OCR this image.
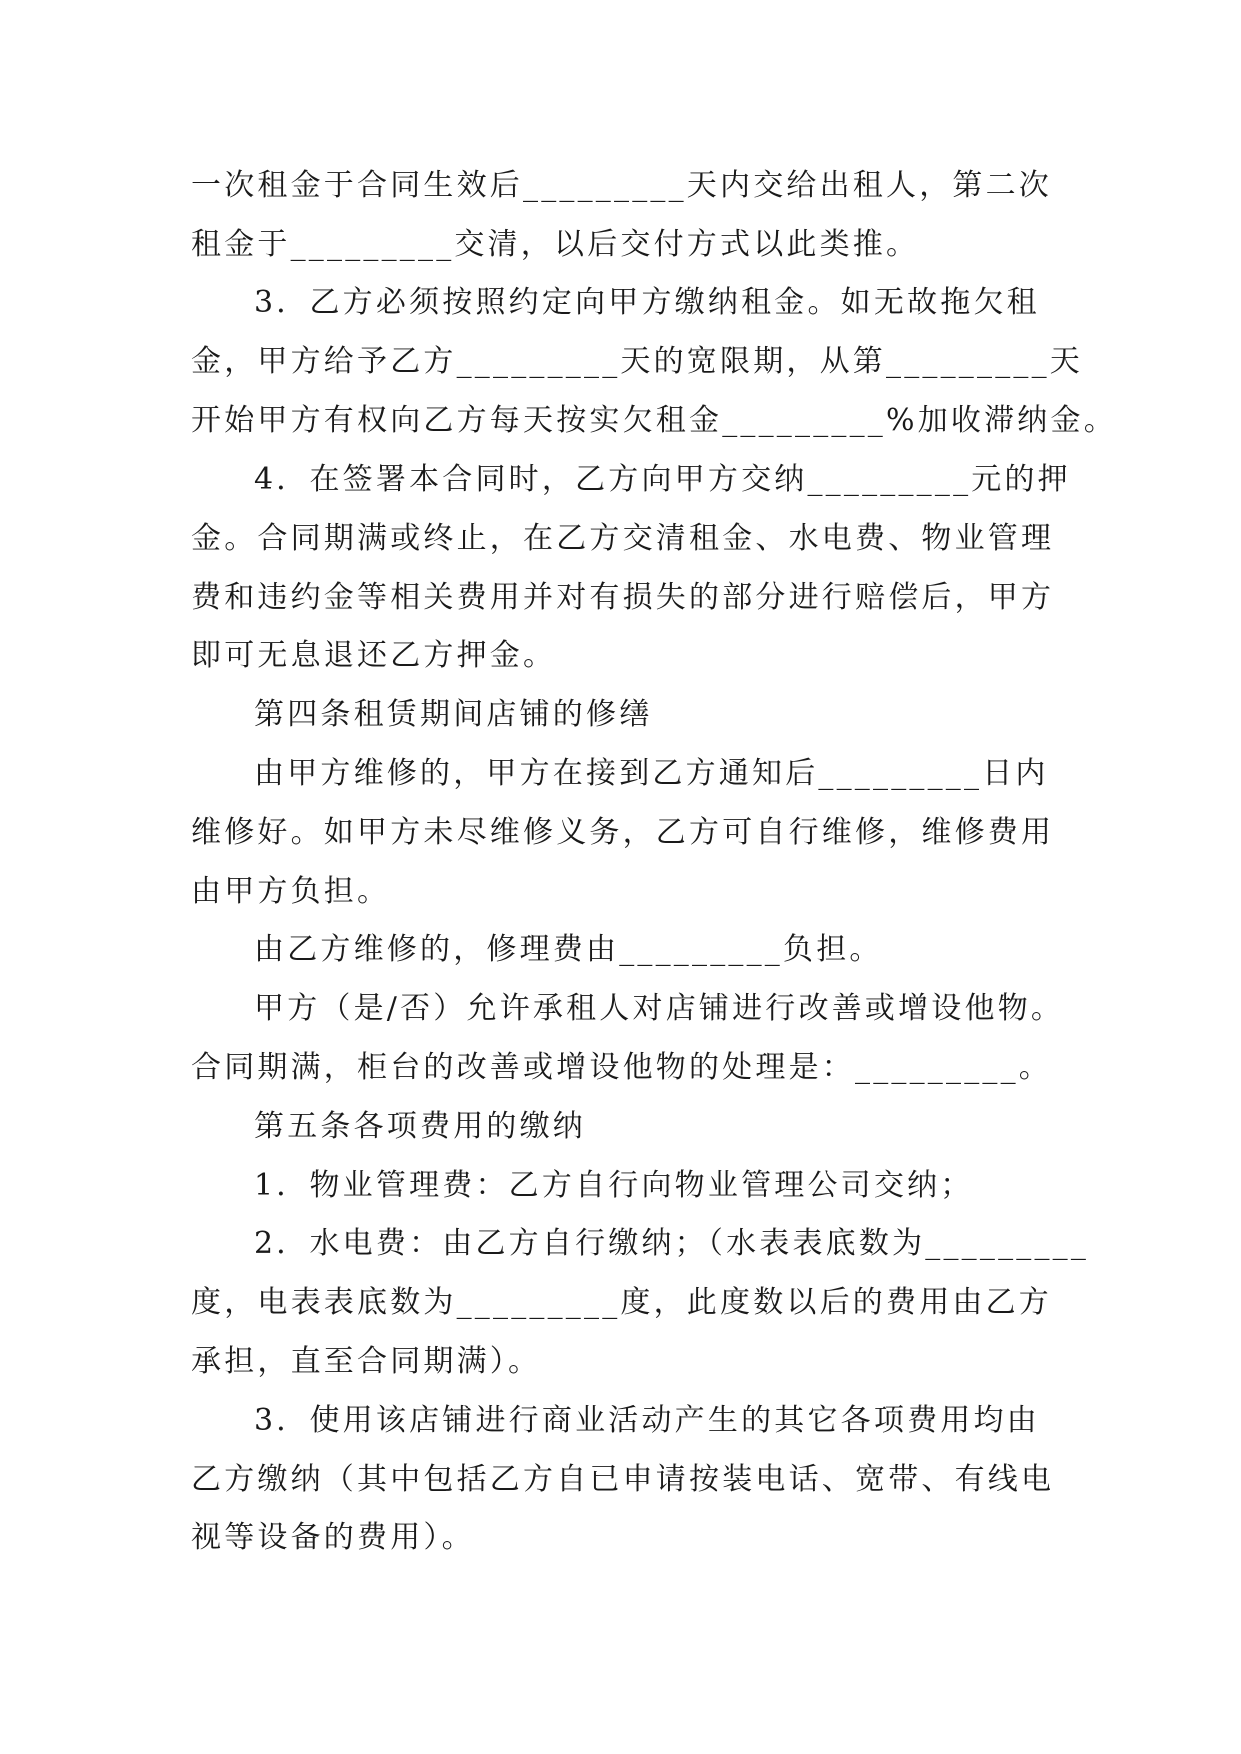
一次租金于合同生效后_________天内交给出租人，第二次
租金于_________交清，以后交付方式以此类推。
3．乙方必须按照约定向甲方缴纳租金。如无故拖欠租
金，甲方给予乙方_________天的宽限期，从第_________天
开始甲方有权向乙方每天按实欠租金_________%加收滞纳金。
4．在签署本合同时，乙方向甲方交纳_________元的押
金。合同期满或终止，在乙方交清租金、水电费、物业管理
费和违约金等相关费用并对有损失的部分进行赔偿后，甲方
即可无息退还乙方押金。
第四条租赁期间店铺的修缮
由甲方维修的，甲方在接到乙方通知后_________日内
维修好。如甲方未尽维修义务，乙方可自行维修，维修费用
由甲方负担。
由乙方维修的，修理费由_________负担。
甲方（是/否）允许承租人对店铺进行改善或增设他物。
合同期满，柜台的改善或增设他物的处理是：_________。
第五条各项费用的缴纳
1．物业管理费：乙方自行向物业管理公司交纳；
2．水电费：由乙方自行缴纳；（水表表底数为_________
度，电表表底数为_________度，此度数以后的费用由乙方
承担，直至合同期满）。
3．使用该店铺进行商业活动产生的其它各项费用均由
乙方缴纳（其中包括乙方自已申请按装电话、宽带、有线电
视等设备的费用）。
